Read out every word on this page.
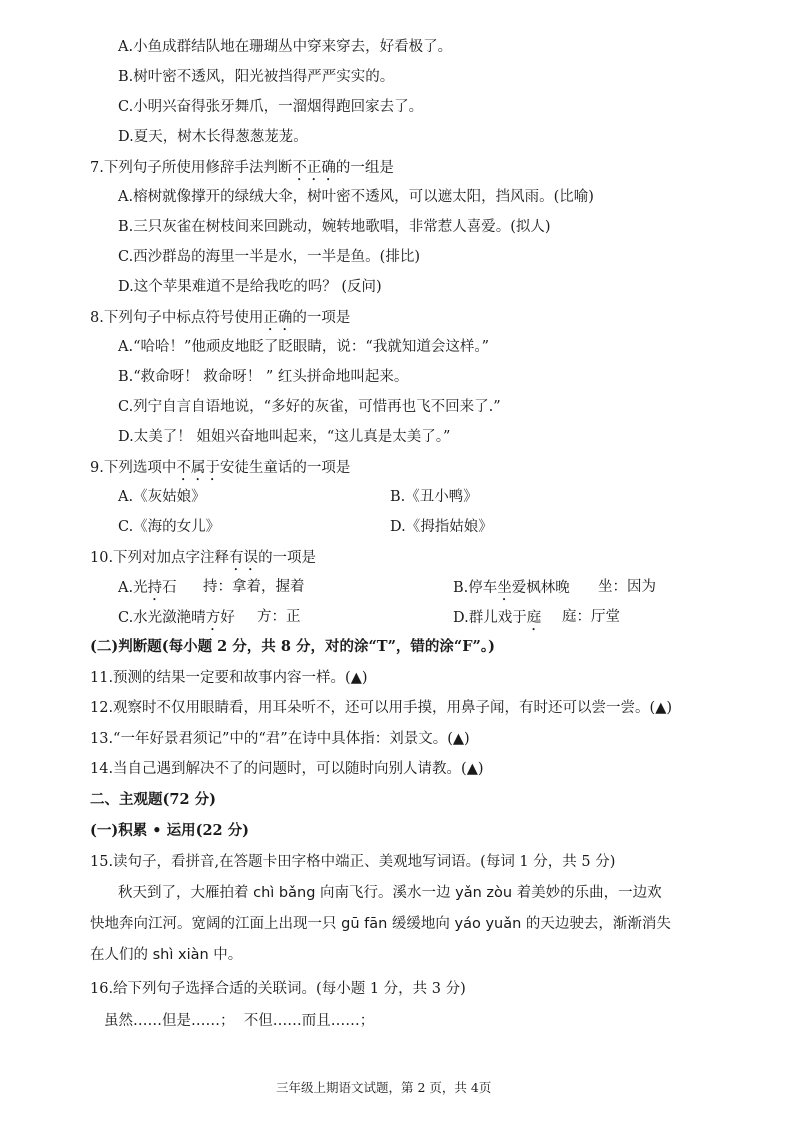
A.小鱼成群结队地在珊瑚丛中穿来穿去，好看极了。
B.树叶密不透风，阳光被挡得严严实实的。
C.小明兴奋得张牙舞爪，一溜烟得跑回家去了。
D.夏天，树木长得葱葱茏茏。
7.下列句子所使用修辞手法判断不正确的一组是
A.榕树就像撑开的绿绒大伞，树叶密不透风，可以遮太阳，挡风雨。(比喻)
B.三只灰雀在树枝间来回跳动，婉转地歌唱，非常惹人喜爱。(拟人)
C.西沙群岛的海里一半是水，一半是鱼。(排比)
D.这个苹果难道不是给我吃的吗？ (反问)
8.下列句子中标点符号使用正确的一项是
A.“哈哈！”他顽皮地眨了眨眼睛，说：“我就知道会这样。”
B.“救命呀！ 救命呀！ ” 红头拼命地叫起来。
C.列宁自言自语地说，“多好的灰雀，可惜再也飞不回来了.”
D.太美了！ 姐姐兴奋地叫起来，“这儿真是太美了。”
9.下列选项中不属于安徒生童话的一项是
A.《灰姑娘》	B.《丑小鸭》
C.《海的女儿》	D.《拇指姑娘》
10.下列对加点字注释有误的一项是
A.光持石 持：拿着，握着	B.停车坐爱枫林晚 坐：因为
C.水光潋滟晴方好 方：正	D.群儿戏于庭 庭：厅堂
(二)判断题(每小题 2 分，共 8 分，对的涂“T”，错的涂“F”。)
11.预测的结果一定要和故事内容一样。(▲)
12.观察时不仅用眼睛看，用耳朵听不，还可以用手摸，用鼻子闻，有时还可以尝一尝。(▲)
13.“一年好景君须记”中的“君”在诗中具体指：刘景文。(▲)
14.当自己遇到解决不了的问题时，可以随时向别人请教。(▲)
二、主观题(72 分)
(一)积累 • 运用(22 分)
15.读句子，看拼音,在答题卡田字格中端正、美观地写词语。(每词 1 分，共 5 分)
秋天到了，大雁拍着 chì bǎng 向南飞行。溪水一边 yǎn zòu 着美妙的乐曲，一边欢
快地奔向江河。宽阔的江面上出现一只 gū fān 缓缓地向 yáo yuǎn 的天边驶去，渐渐消失
在人们的 shì xiàn 中。
16.给下列句子选择合适的关联词。(每小题 1 分，共 3 分)
虽然……但是……；  不但……而且……；
三年级上期语文试题，第 2 页，共 4页
